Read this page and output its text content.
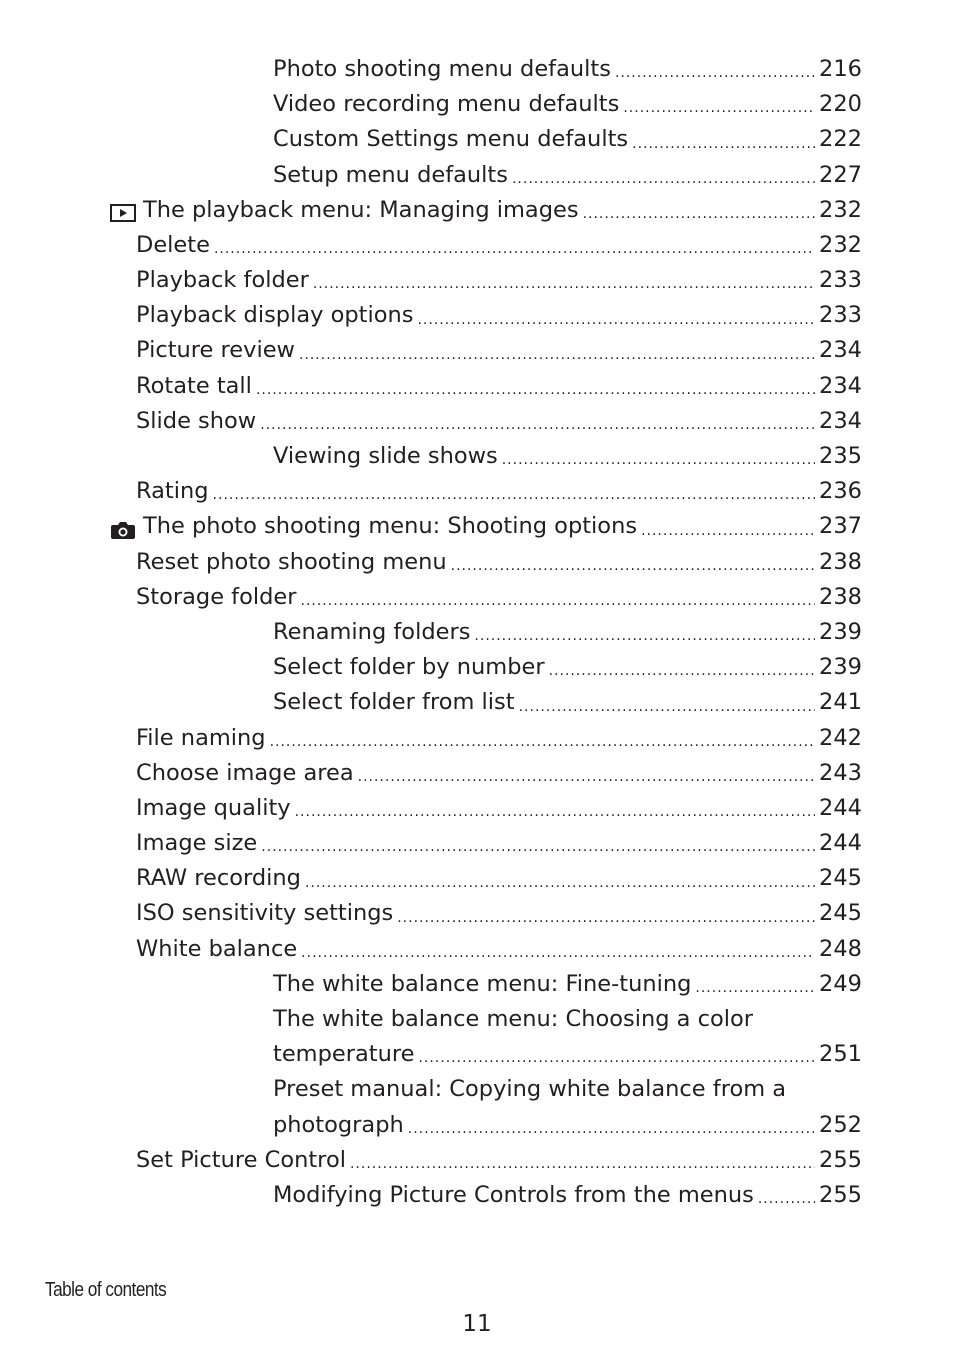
Photo shooting menu defaults .....	216
Video recording menu defaults .....	220
Custom Settings menu defaults .....	222
Setup menu defaults .....	227
The playback menu: Managing images .....	232
Delete .....	232
Playback folder .....	233
Playback display options .....	233
Picture review .....	234
Rotate tall .....	234
Slide show .....	234
Viewing slide shows .....	235
Rating .....	236
The photo shooting menu: Shooting options .....	237
Reset photo shooting menu .....	238
Storage folder .....	238
Renaming folders .....	239
Select folder by number .....	239
Select folder from list .....	241
File naming .....	242
Choose image area .....	243
Image quality .....	244
Image size .....	244
RAW recording .....	245
ISO sensitivity settings .....	245
White balance .....	248
The white balance menu: Fine-tuning .....	249
The white balance menu: Choosing a color
temperature .....	251
Preset manual: Copying white balance from a
photograph .....	252
Set Picture Control .....	255
Modifying Picture Controls from the menus .....	255
Table of contents
11
